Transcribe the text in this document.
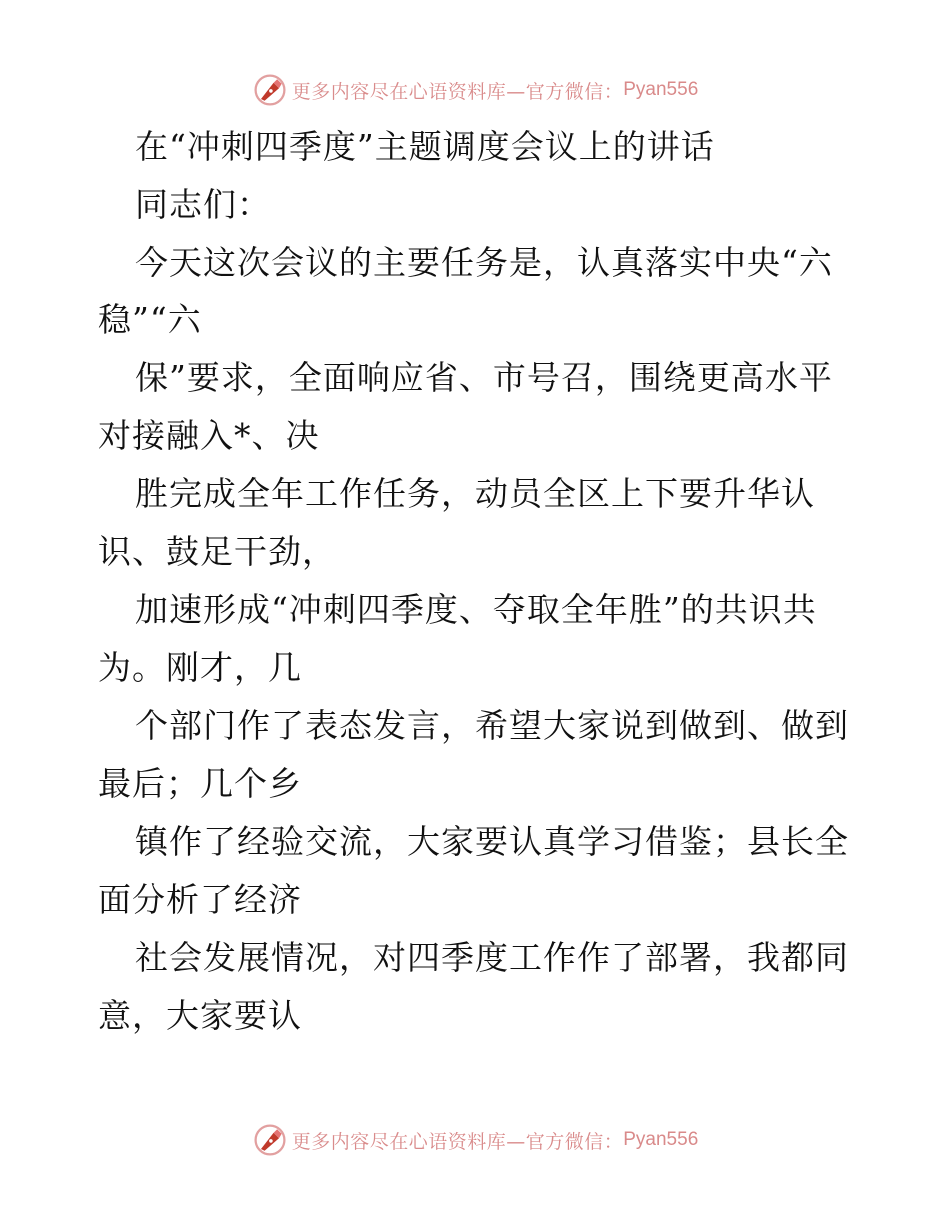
更多内容尽在心语资料库—官方微信： Pyan556
在“冲刺四季度”主题调度会议上的讲话
同志们：
今天这次会议的主要任务是，认真落实中央“六
稳”“六
保”要求，全面响应省、市号召，围绕更高水平
对接融入*、决
胜完成全年工作任务，动员全区上下要升华认
识、鼓足干劲，
加速形成“冲刺四季度、夺取全年胜”的共识共
为。刚才，几
个部门作了表态发言，希望大家说到做到、做到
最后；几个乡
镇作了经验交流，大家要认真学习借鉴；县长全
面分析了经济
社会发展情况，对四季度工作作了部署，我都同
意，大家要认
更多内容尽在心语资料库—官方微信： Pyan556
